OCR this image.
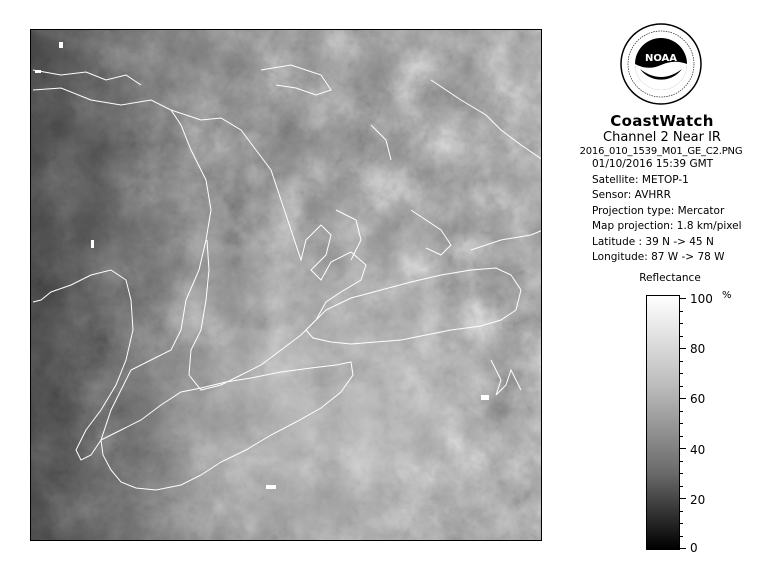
NOAA
CoastWatch
Channel 2 Near IR
2016_010_1539_M01_GE_C2.PNG
01/10/2016 15:39 GMT
Satellite: METOP-1
Sensor: AVHRR
Projection type: Mercator
Map projection: 1.8 km/pixel
Latitude : 39 N -> 45 N
Longitude: 87 W -> 78 W
Reflectance
%
100
80
60
40
20
0
